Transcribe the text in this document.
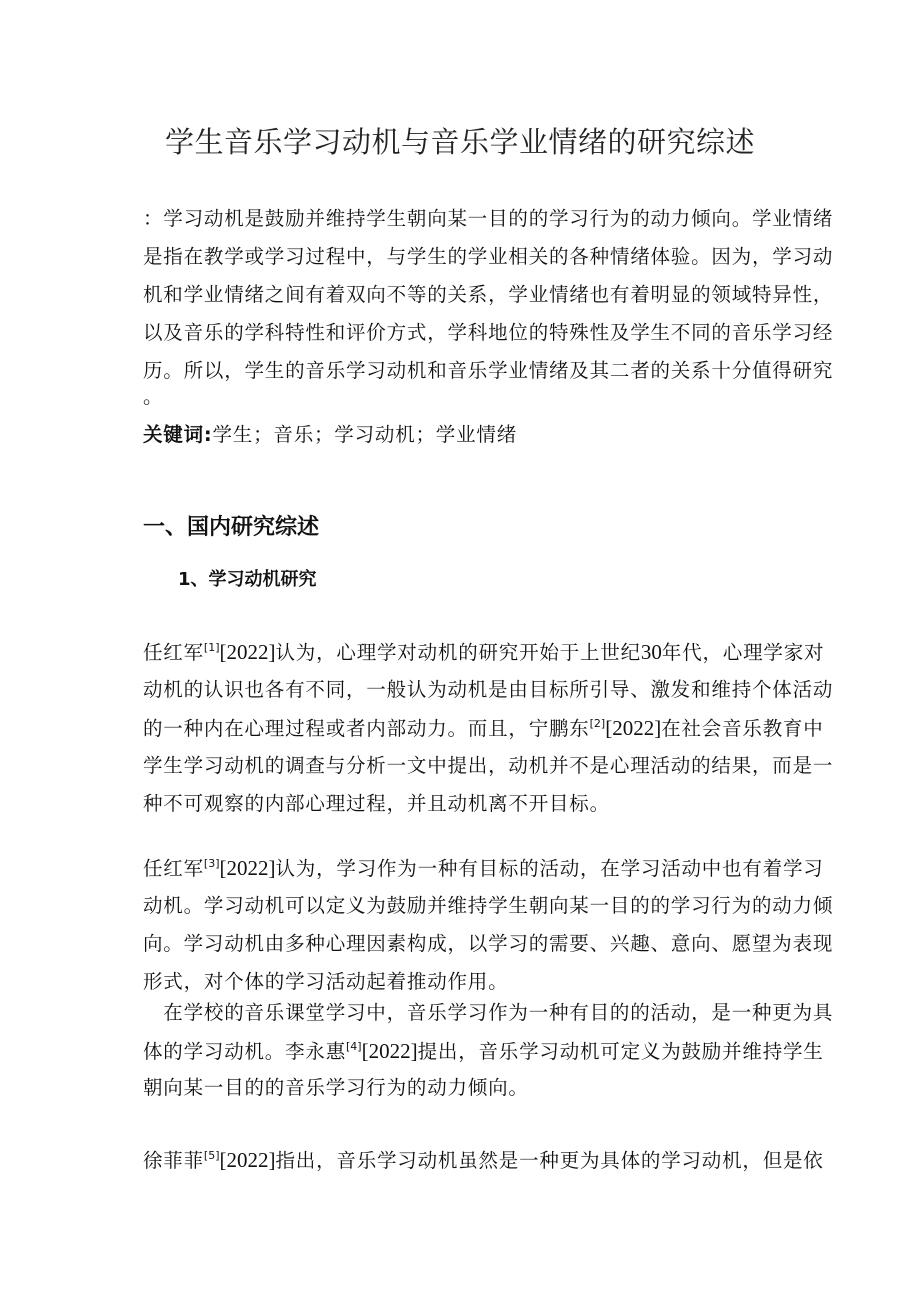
学生音乐学习动机与音乐学业情绪的研究综述
：学习动机是鼓励并维持学生朝向某一目的的学习行为的动力倾向。学业情绪
是指在教学或学习过程中，与学生的学业相关的各种情绪体验。因为，学习动
机和学业情绪之间有着双向不等的关系，学业情绪也有着明显的领域特异性，
以及音乐的学科特性和评价方式，学科地位的特殊性及学生不同的音乐学习经
历。所以，学生的音乐学习动机和音乐学业情绪及其二者的关系十分值得研究
。
关键词:学生；音乐；学习动机；学业情绪
一、国内研究综述
1、学习动机研究
任红军[1][2022]认为，心理学对动机的研究开始于上世纪30年代，心理学家对
动机的认识也各有不同，一般认为动机是由目标所引导、激发和维持个体活动
的一种内在心理过程或者内部动力。而且，宁鹏东[2][2022]在社会音乐教育中
学生学习动机的调查与分析一文中提出，动机并不是心理活动的结果，而是一
种不可观察的内部心理过程，并且动机离不开目标。
任红军[3][2022]认为，学习作为一种有目标的活动，在学习活动中也有着学习
动机。学习动机可以定义为鼓励并维持学生朝向某一目的的学习行为的动力倾
向。学习动机由多种心理因素构成，以学习的需要、兴趣、意向、愿望为表现
形式，对个体的学习活动起着推动作用。
　在学校的音乐课堂学习中，音乐学习作为一种有目的的活动，是一种更为具
体的学习动机。李永惠[4][2022]提出，音乐学习动机可定义为鼓励并维持学生
朝向某一目的的音乐学习行为的动力倾向。
徐菲菲[5][2022]指出，音乐学习动机虽然是一种更为具体的学习动机，但是依
